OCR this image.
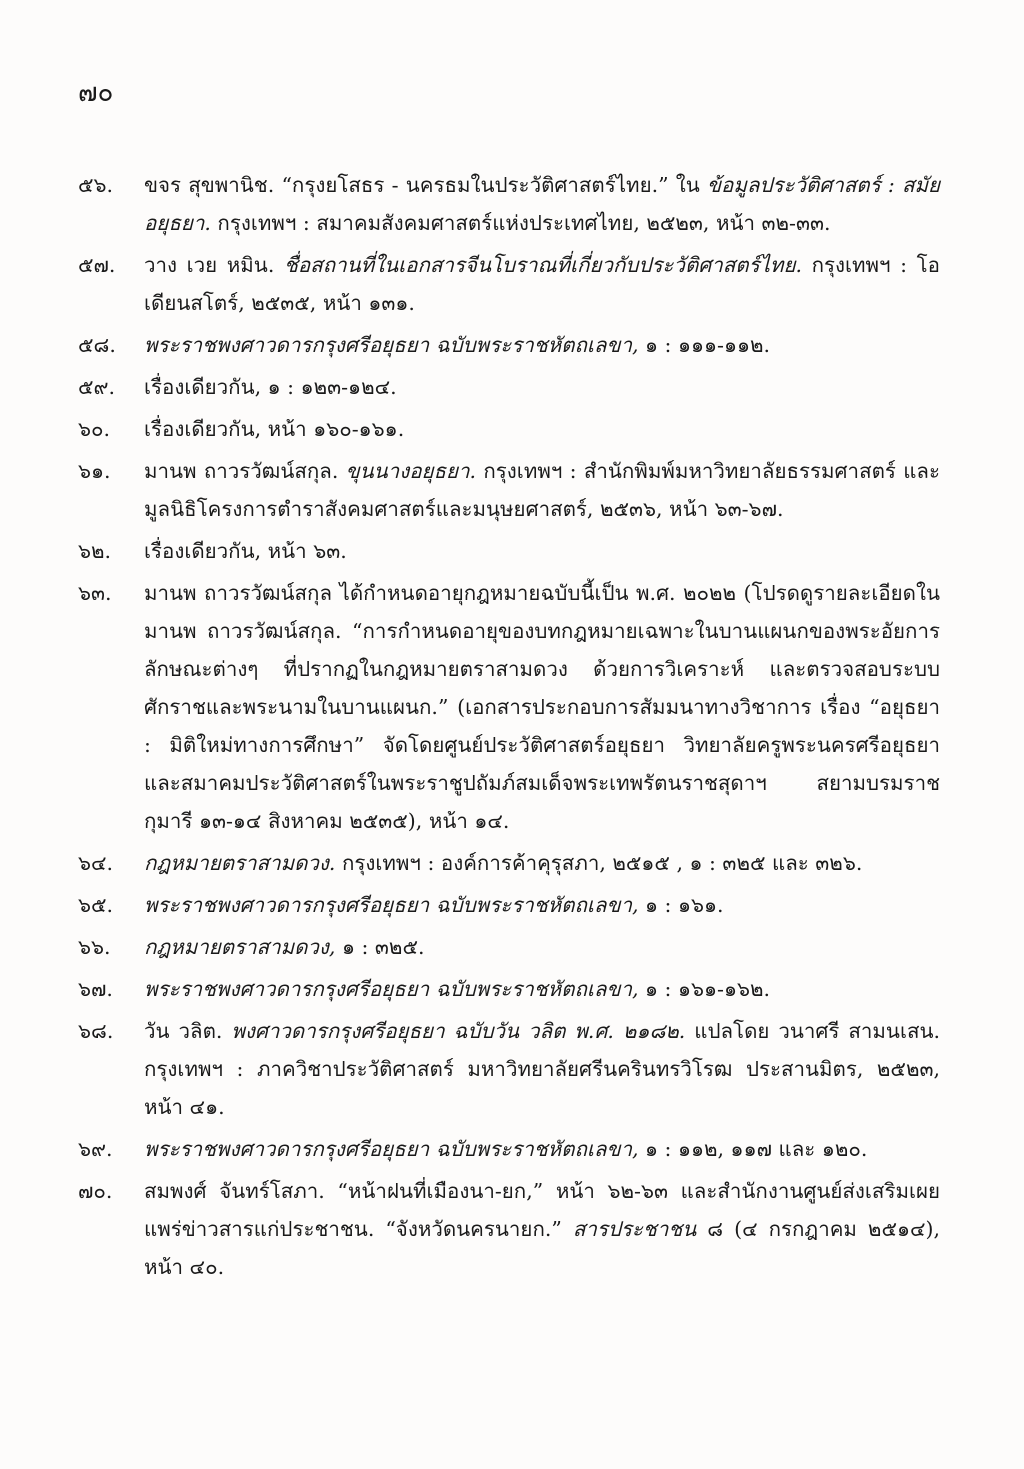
๗๐
๕๖.	ขจร สุขพานิช. “กรุงยโสธร - นครธมในประวัติศาสตร์ไทย.” ใน ข้อมูลประวัติศาสตร์ : สมัยอยุธยา. กรุงเทพฯ : สมาคมสังคมศาสตร์แห่งประเทศไทย, ๒๕๒๓, หน้า ๓๒-๓๓.
๕๗.	วาง เวย หมิน. ชื่อสถานที่ในเอกสารจีนโบราณที่เกี่ยวกับประวัติศาสตร์ไทย. กรุงเทพฯ : โอเดียนสโตร์, ๒๕๓๕, หน้า ๑๓๑.
๕๘.	พระราชพงศาวดารกรุงศรีอยุธยา ฉบับพระราชหัตถเลขา, ๑ : ๑๑๑-๑๑๒.
๕๙.	เรื่องเดียวกัน, ๑ : ๑๒๓-๑๒๔.
๖๐.	เรื่องเดียวกัน, หน้า ๑๖๐-๑๖๑.
๖๑.	มานพ ถาวรวัฒน์สกุล. ขุนนางอยุธยา. กรุงเทพฯ : สำนักพิมพ์มหาวิทยาลัยธรรมศาสตร์ และมูลนิธิโครงการตำราสังคมศาสตร์และมนุษยศาสตร์, ๒๕๓๖, หน้า ๖๓-๖๗.
๖๒.	เรื่องเดียวกัน, หน้า ๖๓.
๖๓.	มานพ ถาวรวัฒน์สกุล ได้กำหนดอายุกฎหมายฉบับนี้เป็น พ.ศ. ๒๐๒๒ (โปรดดูรายละเอียดใน มานพ ถาวรวัฒน์สกุล. “การกำหนดอายุของบทกฎหมายเฉพาะในบานแผนกของพระอัยการลักษณะต่างๆ ที่ปรากฏในกฎหมายตราสามดวง ด้วยการวิเคราะห์ และตรวจสอบระบบศักราชและพระนามในบานแผนก.” (เอกสารประกอบการสัมมนาทางวิชาการ เรื่อง “อยุธยา : มิติใหม่ทางการศึกษา” จัดโดยศูนย์ประวัติศาสตร์อยุธยา วิทยาลัยครูพระนครศรีอยุธยา และสมาคมประวัติศาสตร์ในพระราชูปถัมภ์สมเด็จพระเทพรัตนราชสุดาฯ สยามบรมราชกุมารี ๑๓-๑๔ สิงหาคม ๒๕๓๕), หน้า ๑๔.
๖๔.	กฎหมายตราสามดวง. กรุงเทพฯ : องค์การค้าคุรุสภา, ๒๕๑๕ , ๑ : ๓๒๕ และ ๓๒๖.
๖๕.	พระราชพงศาวดารกรุงศรีอยุธยา ฉบับพระราชหัตถเลขา, ๑ : ๑๖๑.
๖๖.	กฎหมายตราสามดวง, ๑ : ๓๒๕.
๖๗.	พระราชพงศาวดารกรุงศรีอยุธยา ฉบับพระราชหัตถเลขา, ๑ : ๑๖๑-๑๖๒.
๖๘.	วัน วลิต. พงศาวดารกรุงศรีอยุธยา ฉบับวัน วลิต พ.ศ. ๒๑๘๒. แปลโดย วนาศรี สามนเสน. กรุงเทพฯ : ภาควิชาประวัติศาสตร์ มหาวิทยาลัยศรีนครินทรวิโรฒ ประสานมิตร, ๒๕๒๓, หน้า ๔๑.
๖๙.	พระราชพงศาวดารกรุงศรีอยุธยา ฉบับพระราชหัตถเลขา, ๑ : ๑๑๒, ๑๑๗ และ ๑๒๐.
๗๐.	สมพงศ์ จันทร์โสภา. “หน้าฝนที่เมืองนา-ยก,” หน้า ๖๒-๖๓ และสำนักงานศูนย์ส่งเสริมเผยแพร่ข่าวสารแก่ประชาชน. “จังหวัดนครนายก.” สารประชาชน ๘ (๔ กรกฎาคม ๒๕๑๔), หน้า ๔๐.
